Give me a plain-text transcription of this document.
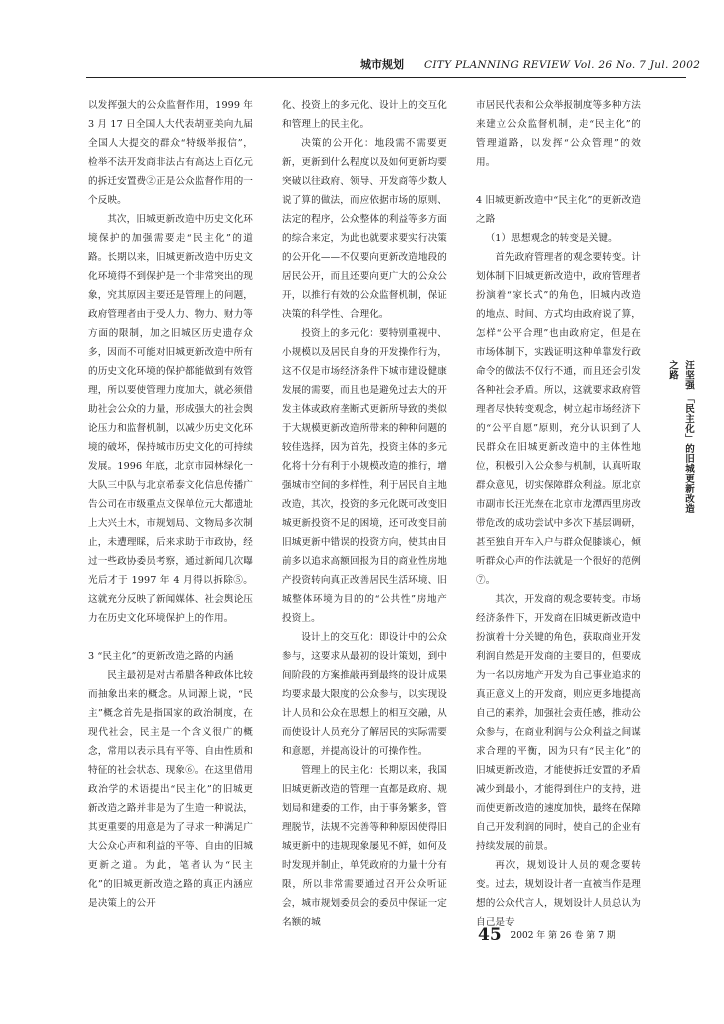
城市规划 CITY PLANNING REVIEW Vol. 26 No. 7 Jul. 2002

以发挥强大的公众监督作用，1999 年 3 月 17 日全国人大代表胡亚美向九届全国人大提交的群众“特级举报信”，检举不法开发商非法占有高达上百亿元的拆迁安置费②正是公众监督作用的一个反映。

其次，旧城更新改造中历史文化环境保护的加强需要走“民主化”的道路。长期以来，旧城更新改造中历史文化环境得不到保护是一个非常突出的现象，究其原因主要还是管理上的问题，政府管理者由于受人力、物力、财力等方面的限制，加之旧城区历史遗存众多，因而不可能对旧城更新改造中所有的历史文化环境的保护都能做到有效管理，所以要使管理力度加大，就必须借助社会公众的力量，形成强大的社会舆论压力和监督机制，以减少历史文化环境的破坏，保持城市历史文化的可持续发展。1996 年底，北京市园林绿化一大队三中队与北京希泰文化信息传播广告公司在市级重点文保单位元大都遗址上大兴土木，市规划局、文物局多次制止，未遭理睬，后来求助于市政协，经过一些政协委员考察，通过新闻几次曝光后才于 1997 年 4 月得以拆除⑤。这就充分反映了新闻媒体、社会舆论压力在历史文化环境保护上的作用。

3 “民主化”的更新改造之路的内涵

民主最初是对古希腊各种政体比较而抽象出来的概念。从词源上说，“民主”概念首先是指国家的政治制度，在现代社会，民主是一个含义很广的概念，常用以表示具有平等、自由性质和特征的社会状态、现象⑥。在这里借用政治学的术语提出“民主化”的旧城更新改造之路并非是为了生造一种说法，其更重要的用意是为了寻求一种满足广大公众心声和利益的平等、自由的旧城更新之道。为此，笔者认为“民主化”的旧城更新改造之路的真正内涵应是决策上的公开

化、投资上的多元化、设计上的交互化和管理上的民主化。

决策的公开化：地段需不需要更新，更新到什么程度以及如何更新均要突破以往政府、领导、开发商等少数人说了算的做法，而应依据市场的原则、法定的程序，公众整体的利益等多方面的综合来定，为此也就要求要实行决策的公开化——不仅要向更新改造地段的居民公开，而且还要向更广大的公众公开，以推行有效的公众监督机制，保证决策的科学性、合理化。

投资上的多元化：要特别重视中、小规模以及居民自身的开发操作行为，这不仅是市场经济条件下城市建设健康发展的需要，而且也是避免过去大的开发主体或政府垄断式更新所导致的类似于大规模更新改造所带来的种种问题的较佳选择，因为首先，投资主体的多元化将十分有利于小规模改造的推行，增强城市空间的多样性，利于居民自主地改造，其次，投资的多元化既可改变旧城更新投资不足的困境，还可改变目前旧城更新中错误的投资方向，使其由目前多以追求高额回报为目的商业性房地产投资转向真正改善居民生活环境、旧城整体环境为目的的“公共性”房地产投资上。

设计上的交互化：即设计中的公众参与，这要求从最初的设计策划，到中间阶段的方案推敲再到最终的设计成果均要求最大限度的公众参与，以实现设计人员和公众在思想上的相互交融，从而使设计人员充分了解居民的实际需要和意愿，并提高设计的可操作性。

管理上的民主化：长期以来，我国旧城更新改造的管理一直都是政府、规划局和建委的工作，由于事务繁多，管理脱节，法规不完善等种种原因使得旧城更新中的违规现象屡见不鲜，如何及时发现并制止，单凭政府的力量十分有限，所以非常需要通过召开公众听证会，城市规划委员会的委员中保证一定名额的城

市居民代表和公众举报制度等多种方法来建立公众监督机制，走“民主化”的管理道路，以发挥“公众管理”的效用。

4 旧城更新改造中“民主化”的更新改造之路

（1）思想观念的转变是关键。

首先政府管理者的观念要转变。计划体制下旧城更新改造中，政府管理者扮演着“家长式”的角色，旧城内改造的地点、时间、方式均由政府说了算，怎样“公平合理”也由政府定，但是在市场体制下，实践证明这种单靠发行政命令的做法不仅行不通，而且还会引发各种社会矛盾。所以，这就要求政府管理者尽快转变观念，树立起市场经济下的“公平自愿”原则，充分认识到了人民群众在旧城更新改造中的主体性地位，积极引入公众参与机制，认真听取群众意见，切实保障群众利益。原北京市副市长汪光焘在北京市龙潭西里房改带危改的成功尝试中多次下基层调研，甚至独自开车入户与群众促膝谈心，倾听群众心声的作法就是一个很好的范例⑦。

其次，开发商的观念要转变。市场经济条件下，开发商在旧城更新改造中扮演着十分关键的角色，获取商业开发利润自然是开发商的主要目的，但要成为一名以房地产开发为自己事业追求的真正意义上的开发商，则应更多地提高自己的素养，加强社会责任感，推动公众参与，在商业利润与公众利益之间谋求合理的平衡，因为只有“民主化”的旧城更新改造，才能使拆迁安置的矛盾减少到最小，才能得到住户的支持，进而使更新改造的速度加快，最终在保障自己开发利润的同时，使自己的企业有持续发展的前景。

再次，规划设计人员的观念要转变。过去，规划设计者一直被当作是理想的公众代言人，规划设计人员总认为自己是专

汪坚强 「民主化」的旧城更新改造之路
45 2002 年 第 26 卷 第 7 期
